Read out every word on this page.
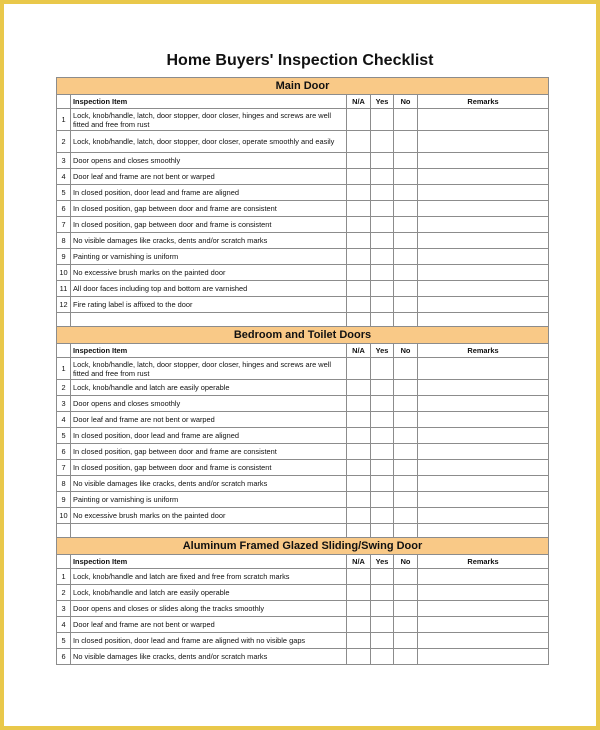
Home Buyers' Inspection Checklist
Main Door					
	Inspection Item	N/A	Yes	No	Remarks
1	Lock, knob/handle, latch, door stopper, door closer, hinges and screws are well fitted and free from rust				
2	Lock, knob/handle, latch, door stopper, door closer, operate smoothly and easily				
3	Door opens and closes smoothly				
4	Door leaf and frame are not bent or warped				
5	In closed position, door lead and frame are aligned				
6	In closed position, gap between door and frame are consistent				
7	In closed position, gap between door and frame is consistent				
8	No visible damages like cracks, dents and/or scratch marks				
9	Painting or varnishing is uniform				
10	No excessive brush marks on the painted door				
11	All door faces including top and bottom are varnished				
12	Fire rating label is affixed to the door				

Bedroom and Toilet Doors					
	Inspection Item	N/A	Yes	No	Remarks
1	Lock, knob/handle, latch, door stopper, door closer, hinges and screws are well fitted and free from rust				
2	Lock, knob/handle and latch are easily operable				
3	Door opens and closes smoothly				
4	Door leaf and frame are not bent or warped				
5	In closed position, door lead and frame are aligned				
6	In closed position, gap between door and frame are consistent				
7	In closed position, gap between door and frame is consistent				
8	No visible damages like cracks, dents and/or scratch marks				
9	Painting or varnishing is uniform				
10	No excessive brush marks on the painted door				

Aluminum Framed Glazed Sliding/Swing Door					
	Inspection Item	N/A	Yes	No	Remarks
1	Lock, knob/handle and latch are fixed and free from scratch marks				
2	Lock, knob/handle and latch are easily operable				
3	Door opens and closes or slides along the tracks smoothly				
4	Door leaf and frame are not bent or warped				
5	In closed position, door lead and frame are aligned with no visible gaps				
6	No visible damages like cracks, dents and/or scratch marks				
